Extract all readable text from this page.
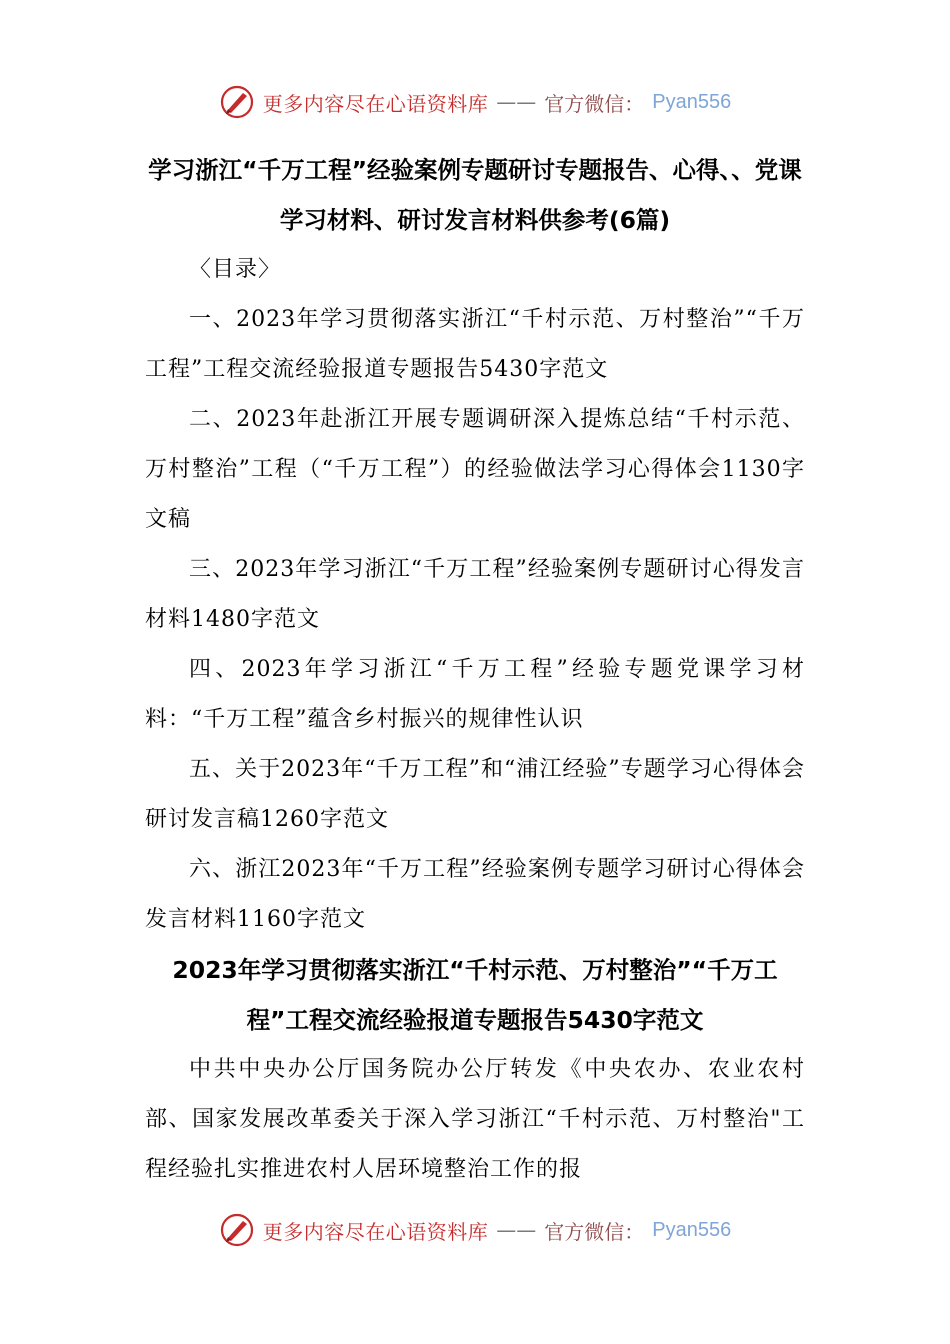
更多内容尽在心语资料库 —— 官方微信： Pyan556
学习浙江“千万工程”经验案例专题研讨专题报告、心得、、党课学习材料、研讨发言材料供参考(6篇)

〈目录〉

一、2023年学习贯彻落实浙江“千村示范、万村整治”“千万工程”工程交流经验报道专题报告5430字范文

二、2023年赴浙江开展专题调研深入提炼总结“千村示范、万村整治”工程（“千万工程”）的经验做法学习心得体会1130字文稿

三、2023年学习浙江“千万工程”经验案例专题研讨心得发言材料1480字范文

四、2023年学习浙江“千万工程”经验专题党课学习材料：“千万工程”蕴含乡村振兴的规律性认识

五、关于2023年“千万工程”和“浦江经验”专题学习心得体会研讨发言稿1260字范文

六、浙江2023年“千万工程”经验案例专题学习研讨心得体会发言材料1160字范文

2023年学习贯彻落实浙江“千村示范、万村整治”“千万工程”工程交流经验报道专题报告5430字范文

中共中央办公厅国务院办公厅转发《中央农办、农业农村部、国家发展改革委关于深入学习浙江“千村示范、万村整治"工程经验扎实推进农村人居环境整治工作的报

更多内容尽在心语资料库 —— 官方微信： Pyan556
